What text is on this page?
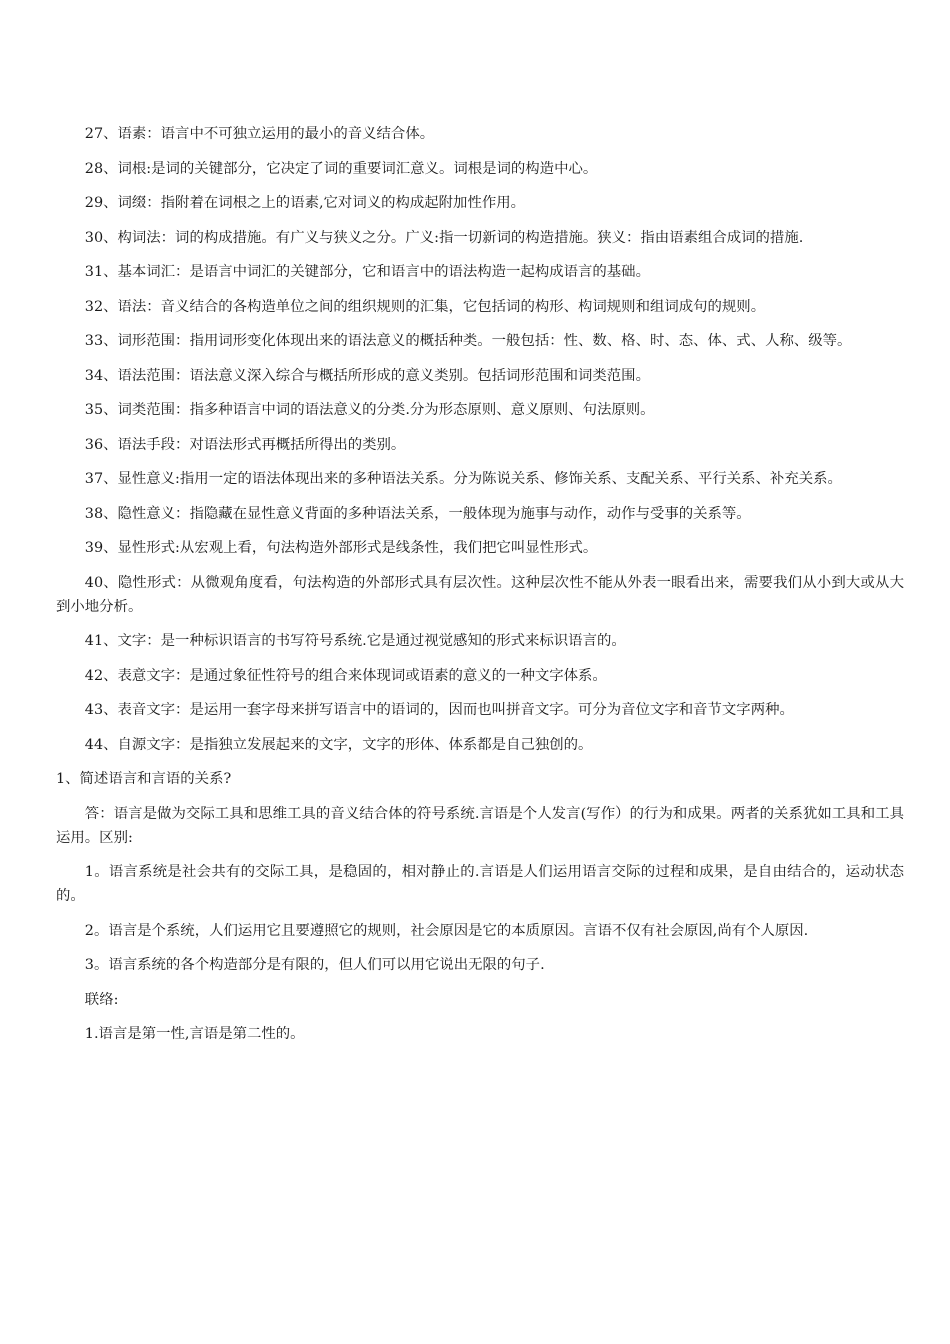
27、语素：语言中不可独立运用的最小的音义结合体。

28、词根:是词的关键部分，它决定了词的重要词汇意义。词根是词的构造中心。

29、词缀：指附着在词根之上的语素,它对词义的构成起附加性作用。

30、构词法：词的构成措施。有广义与狭义之分。广义:指一切新词的构造措施。狭义：指由语素组合成词的措施.

31、基本词汇：是语言中词汇的关键部分，它和语言中的语法构造一起构成语言的基础。

32、语法：音义结合的各构造单位之间的组织规则的汇集，它包括词的构形、构词规则和组词成句的规则。

33、词形范围：指用词形变化体现出来的语法意义的概括种类。一般包括：性、数、格、时、态、体、式、人称、级等。

34、语法范围：语法意义深入综合与概括所形成的意义类别。包括词形范围和词类范围。

35、词类范围：指多种语言中词的语法意义的分类.分为形态原则、意义原则、句法原则。

36、语法手段：对语法形式再概括所得出的类别。

37、显性意义:指用一定的语法体现出来的多种语法关系。分为陈说关系、修饰关系、支配关系、平行关系、补充关系。

38、隐性意义：指隐藏在显性意义背面的多种语法关系，一般体现为施事与动作，动作与受事的关系等。

39、显性形式:从宏观上看，句法构造外部形式是线条性，我们把它叫显性形式。

40、隐性形式：从微观角度看，句法构造的外部形式具有层次性。这种层次性不能从外表一眼看出来，需要我们从小到大或从大到小地分析。

41、文字：是一种标识语言的书写符号系统.它是通过视觉感知的形式来标识语言的。

42、表意文字：是通过象征性符号的组合来体现词或语素的意义的一种文字体系。

43、表音文字：是运用一套字母来拼写语言中的语词的，因而也叫拼音文字。可分为音位文字和音节文字两种。

44、自源文字：是指独立发展起来的文字，文字的形体、体系都是自己独创的。

1、简述语言和言语的关系?

答：语言是做为交际工具和思维工具的音义结合体的符号系统.言语是个人发言(写作）的行为和成果。两者的关系犹如工具和工具运用。区别:

1。语言系统是社会共有的交际工具，是稳固的，相对静止的.言语是人们运用语言交际的过程和成果，是自由结合的，运动状态的。

2。语言是个系统，人们运用它且要遵照它的规则，社会原因是它的本质原因。言语不仅有社会原因,尚有个人原因.

3。语言系统的各个构造部分是有限的，但人们可以用它说出无限的句子.

联络:

1.语言是第一性,言语是第二性的。
